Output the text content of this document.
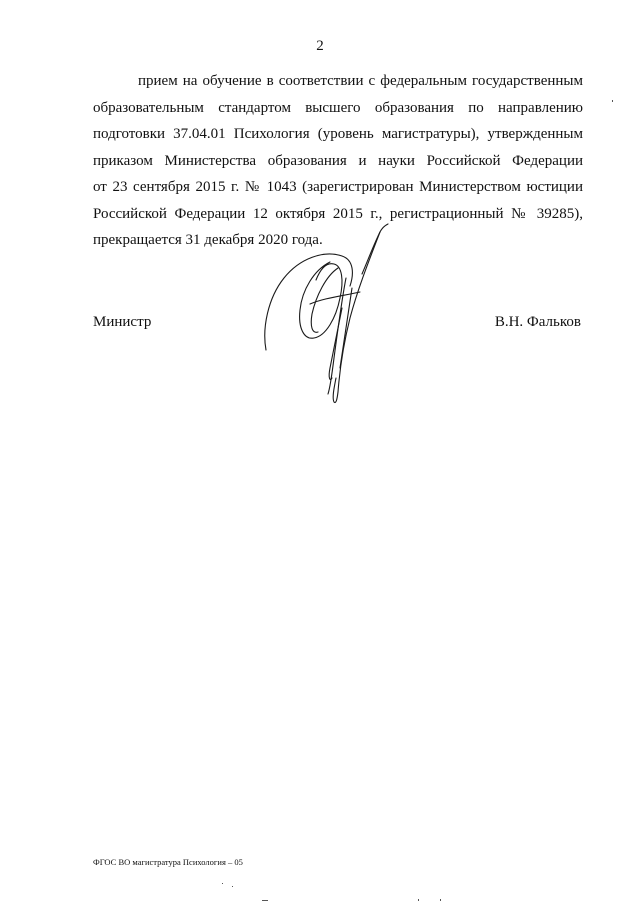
2
прием на обучение в соответствии с федеральным государственным
образовательным стандартом высшего образования по направлению
подготовки 37.04.01 Психология (уровень магистратуры), утвержденным
приказом Министерства образования и науки Российской Федерации
от 23 сентября 2015 г. № 1043 (зарегистрирован Министерством юстиции
Российской Федерации 12 октября 2015 г., регистрационный № 39285),
прекращается 31 декабря 2020 года.
Министр	В.Н. Фальков
ФГОС ВО магистратура Психология – 05
